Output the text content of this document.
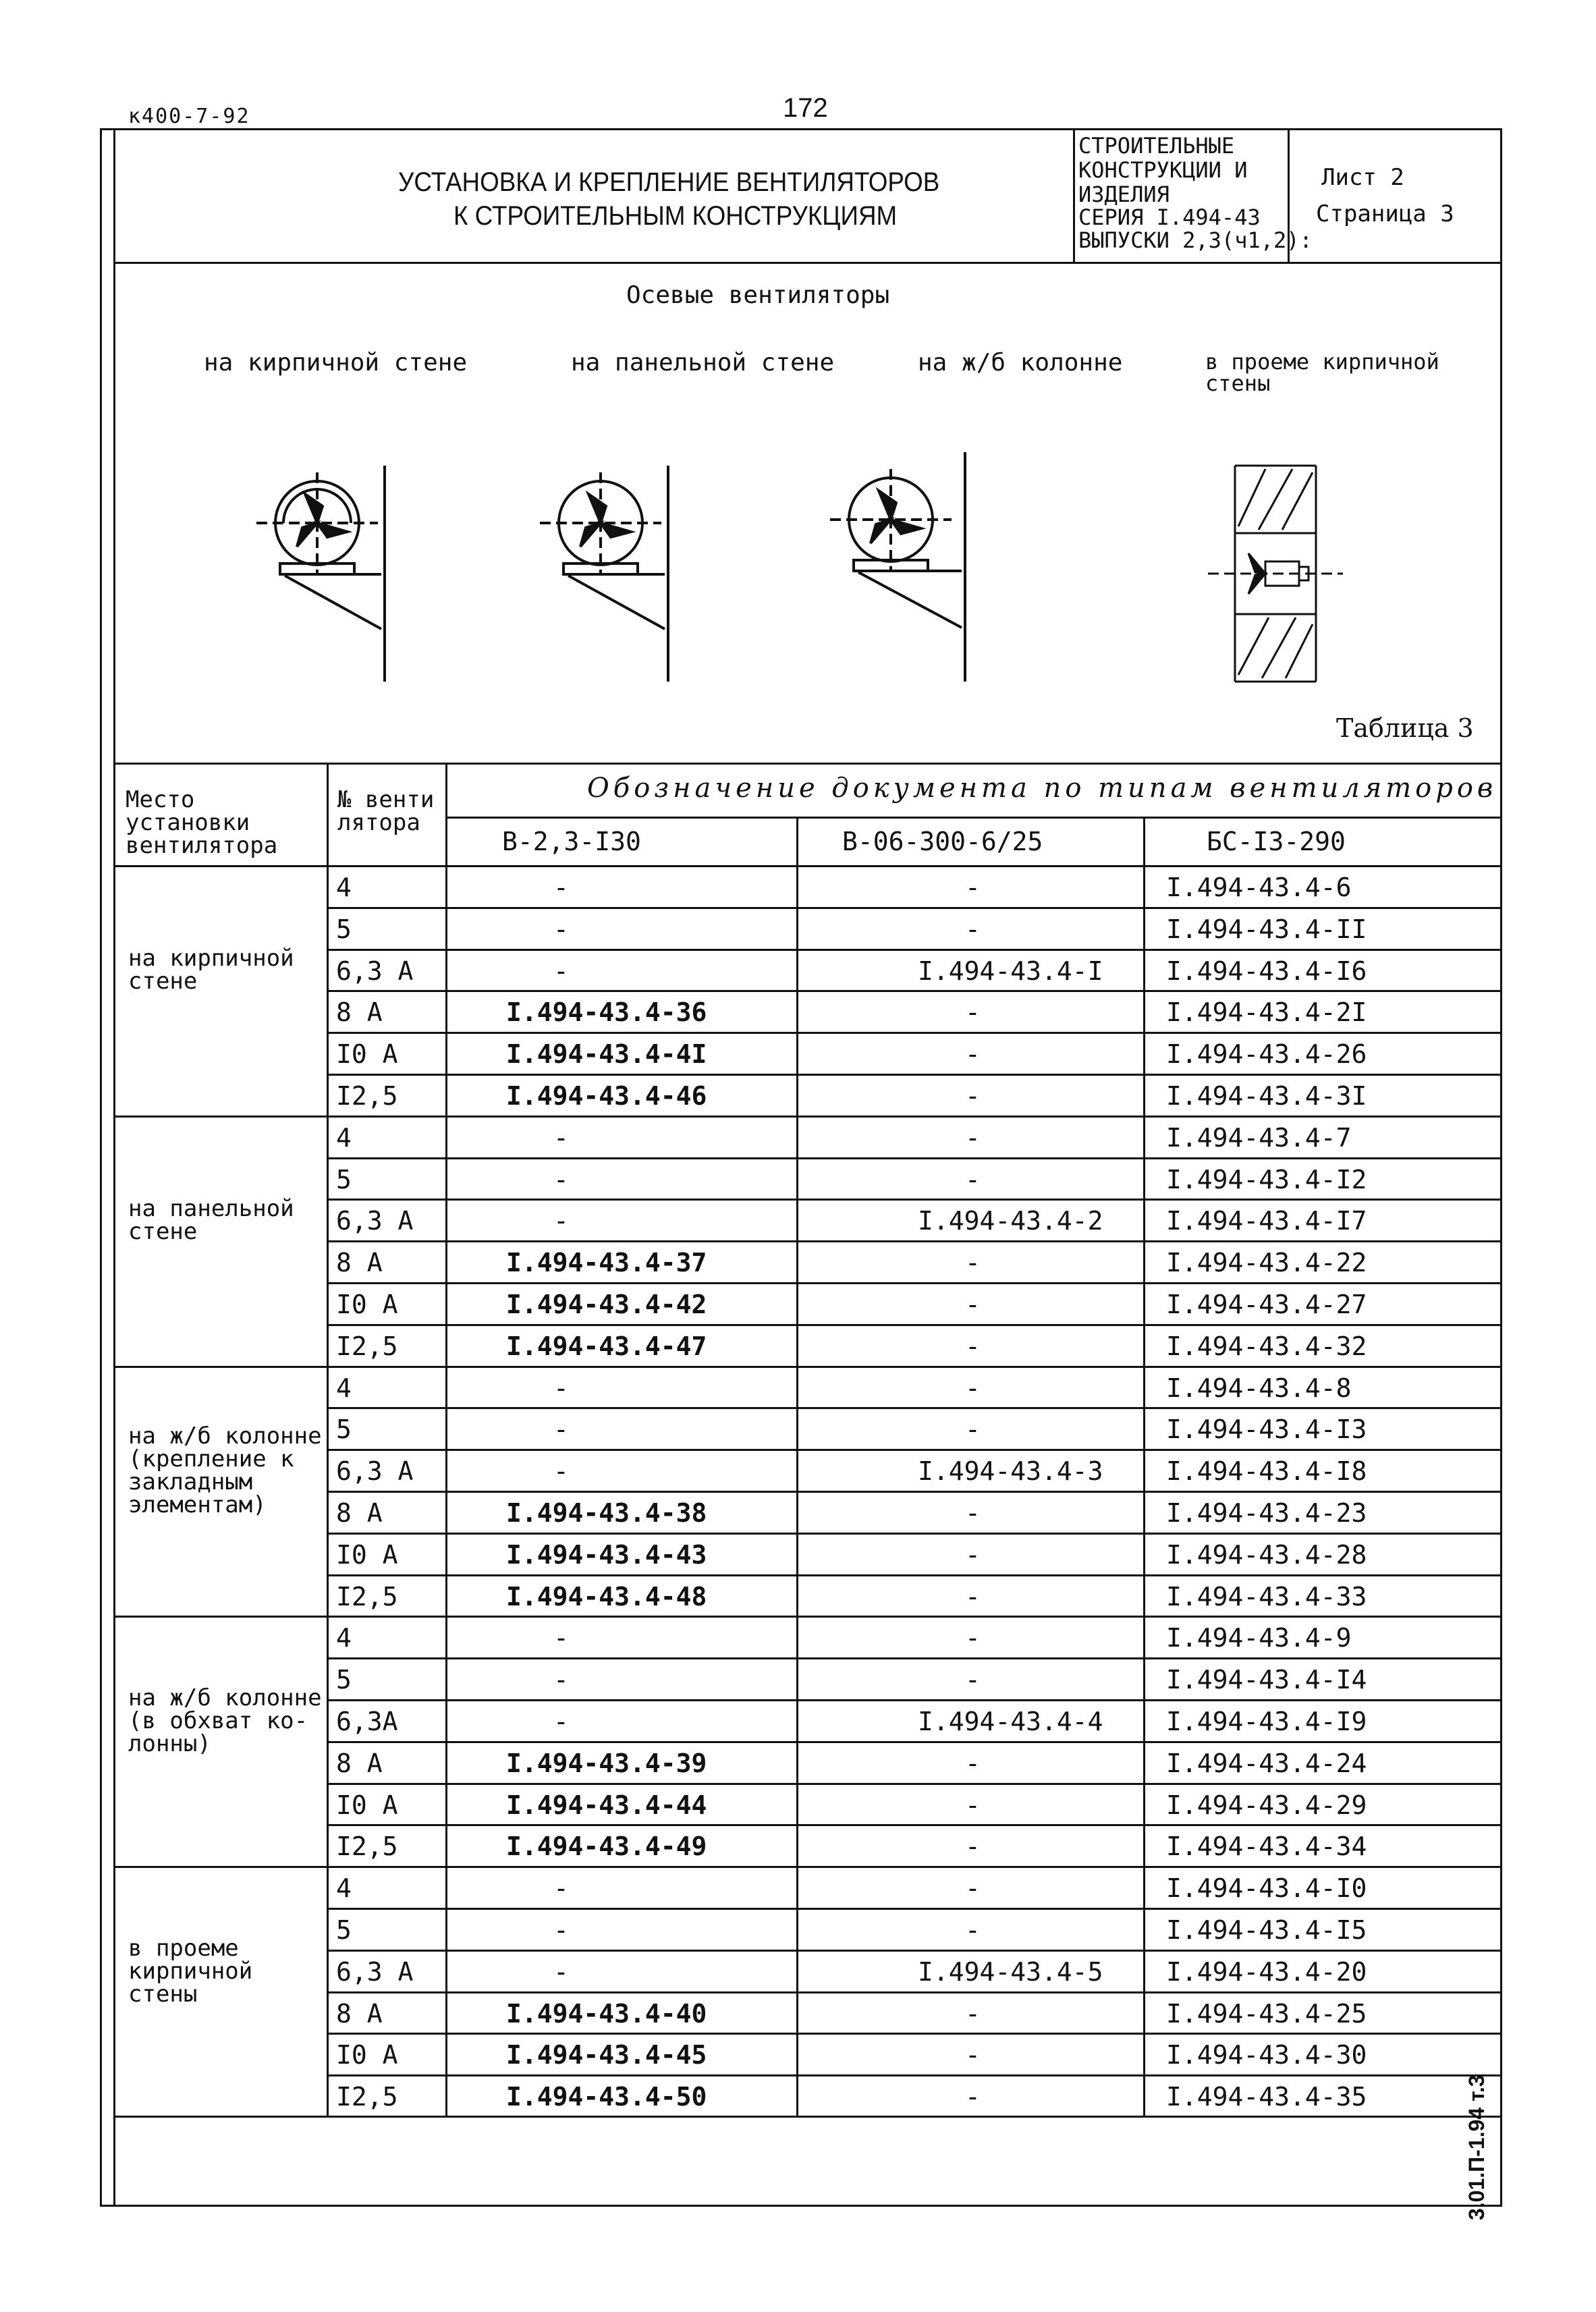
к400-7-92	172
УСТАНОВКА И КРЕПЛЕНИЕ ВЕНТИЛЯТОРОВ
К СТРОИТЕЛЬНЫМ КОНСТРУКЦИЯМ
СТРОИТЕЛЬНЫЕ
КОНСТРУКЦИИ И
ИЗДЕЛИЯ
СЕРИЯ I.494-43
ВЫПУСКИ 2,3(ч1,2):
Лист 2
Страница 3
Осевые вентиляторы
на кирпичной стене	на панельной стене	на ж/б колонне	в проеме кирпичной
стены
Таблица 3
Место
установки
вентилятора
№ венти
лятора
Обозначение документа по типам вентиляторов
В-2,3-I30	В-06-300-6/25	БС-I3-290
на кирпичной
стене
4	-	-	I.494-43.4-6
5	-	-	I.494-43.4-II
6,3 А	-	I.494-43.4-I I.494-43.4-I6
8 А	I.494-43.4-36	-	I.494-43.4-2I
I0 А	I.494-43.4-4I	-	I.494-43.4-26
I2,5	I.494-43.4-46	-	I.494-43.4-3I
на панельной
стене
4	-	-	I.494-43.4-7
5	-	-	I.494-43.4-I2
6,3 А	-	I.494-43.4-2 I.494-43.4-I7
8 А	I.494-43.4-37	-	I.494-43.4-22
I0 А	I.494-43.4-42	-	I.494-43.4-27
I2,5	I.494-43.4-47	-	I.494-43.4-32
на ж/б колонне
(крепление к
закладным
элементам)
4	-	-	I.494-43.4-8
5	-	-	I.494-43.4-I3
6,3 А	-	I.494-43.4-3 I.494-43.4-I8
8 А	I.494-43.4-38	-	I.494-43.4-23
I0 А	I.494-43.4-43	-	I.494-43.4-28
I2,5	I.494-43.4-48	-	I.494-43.4-33
на ж/б колонне
(в обхват ко-
лонны)
4	-	-	I.494-43.4-9
5	-	-	I.494-43.4-I4
6,3А	-	I.494-43.4-4 I.494-43.4-I9
8 А	I.494-43.4-39	-	I.494-43.4-24
I0 А	I.494-43.4-44	-	I.494-43.4-29
I2,5	I.494-43.4-49	-	I.494-43.4-34
в проеме
кирпичной
стены
4	-	-	I.494-43.4-I0
5	-	-	I.494-43.4-I5
6,3 А	-	I.494-43.4-5 I.494-43.4-20
8 А	I.494-43.4-40	-	I.494-43.4-25
I0 А	I.494-43.4-45	-	I.494-43.4-30
I2,5	I.494-43.4-50	-	I.494-43.4-35	3.01.П-1.94 т.3
